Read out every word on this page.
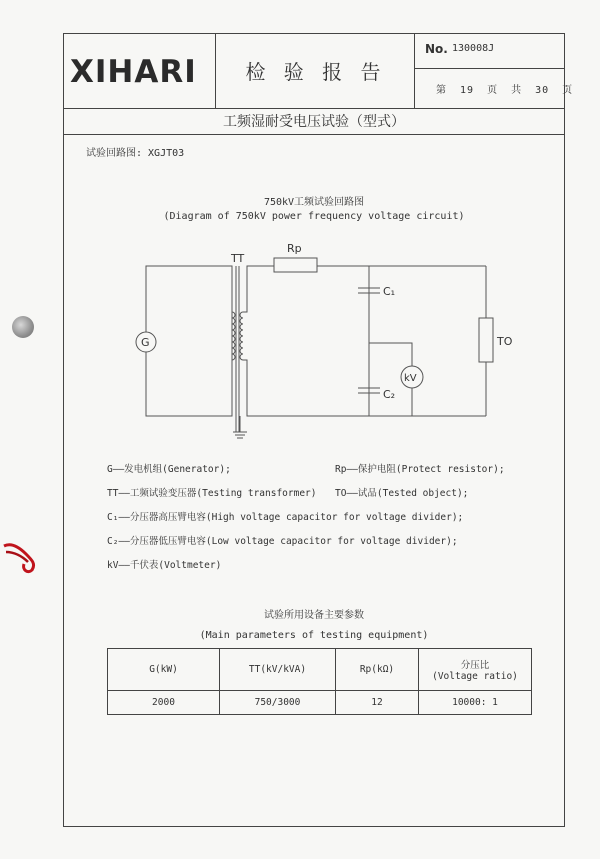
XIHARI	检 验 报 告
No. 130008J
第 19 页 共 30 页
工频湿耐受电压试验（型式）
试验回路图: XGJT03
750kV工频试验回路图
(Diagram of 750kV power frequency voltage circuit)
G
TT
Rp
C₁
C₂
kV
TO
G——发电机组(Generator);	Rp——保护电阻(Protect resistor);
TT——工频试验变压器(Testing transformer) TO——试品(Tested object);
C₁——分压器高压臂电容(High voltage capacitor for voltage divider);
C₂——分压器低压臂电容(Low voltage capacitor for voltage divider);
kV——千伏表(Voltmeter)
试验所用设备主要参数
(Main parameters of testing equipment)
G(kW)	TT(kV/kVA)	Rp(kΩ)	分压比
(Voltage ratio)

2000	750/3000	12	10000: 1
